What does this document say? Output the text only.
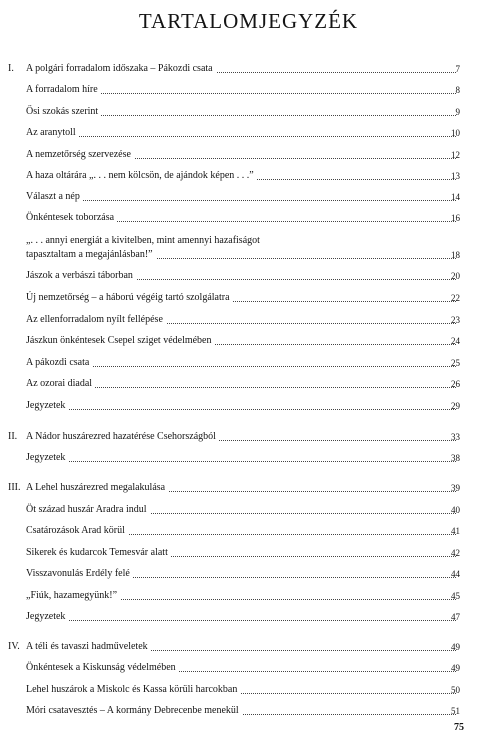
TARTALOMJEGYZÉK
I.	A polgári forradalom időszaka – Pákozdi csata	7
A forradalom híre	8
Ősi szokás szerint	9
Az aranytoll	10
A nemzetőrség szervezése	12
A haza oltárára „. . . nem kölcsön, de ajándok képen . . .”	13
Választ a nép	14
Önkéntesek toborzása	16
„. . . annyi energiát a kivitelben, mint amennyi hazafiságot
tapasztaltam a megajánlásban!”	18
Jászok a verbászi táborban	20
Új nemzetőrség – a háború végéig tartó szolgálatra	22
Az ellenforradalom nyílt fellépése	23
Jászkun önkéntesek Csepel sziget védelmében	24
A pákozdi csata	25
Az ozorai diadal	26
Jegyzetek	29
II. A Nádor huszárezred hazatérése Csehországból	33
Jegyzetek	38
III. A Lehel huszárezred megalakulása	39
Öt század huszár Aradra indul	40
Csatározások Arad körül	41
Sikerek és kudarcok Temesvár alatt	42
Visszavonulás Erdély felé	44
„Fiúk, hazamegyünk!”	45
Jegyzetek	47
IV. A téli és tavaszi hadműveletek	49
Önkéntesek a Kiskunság védelmében	49
Lehel huszárok a Miskolc és Kassa körüli harcokban	50
Móri csatavesztés – A kormány Debrecenbe menekül	51
75
